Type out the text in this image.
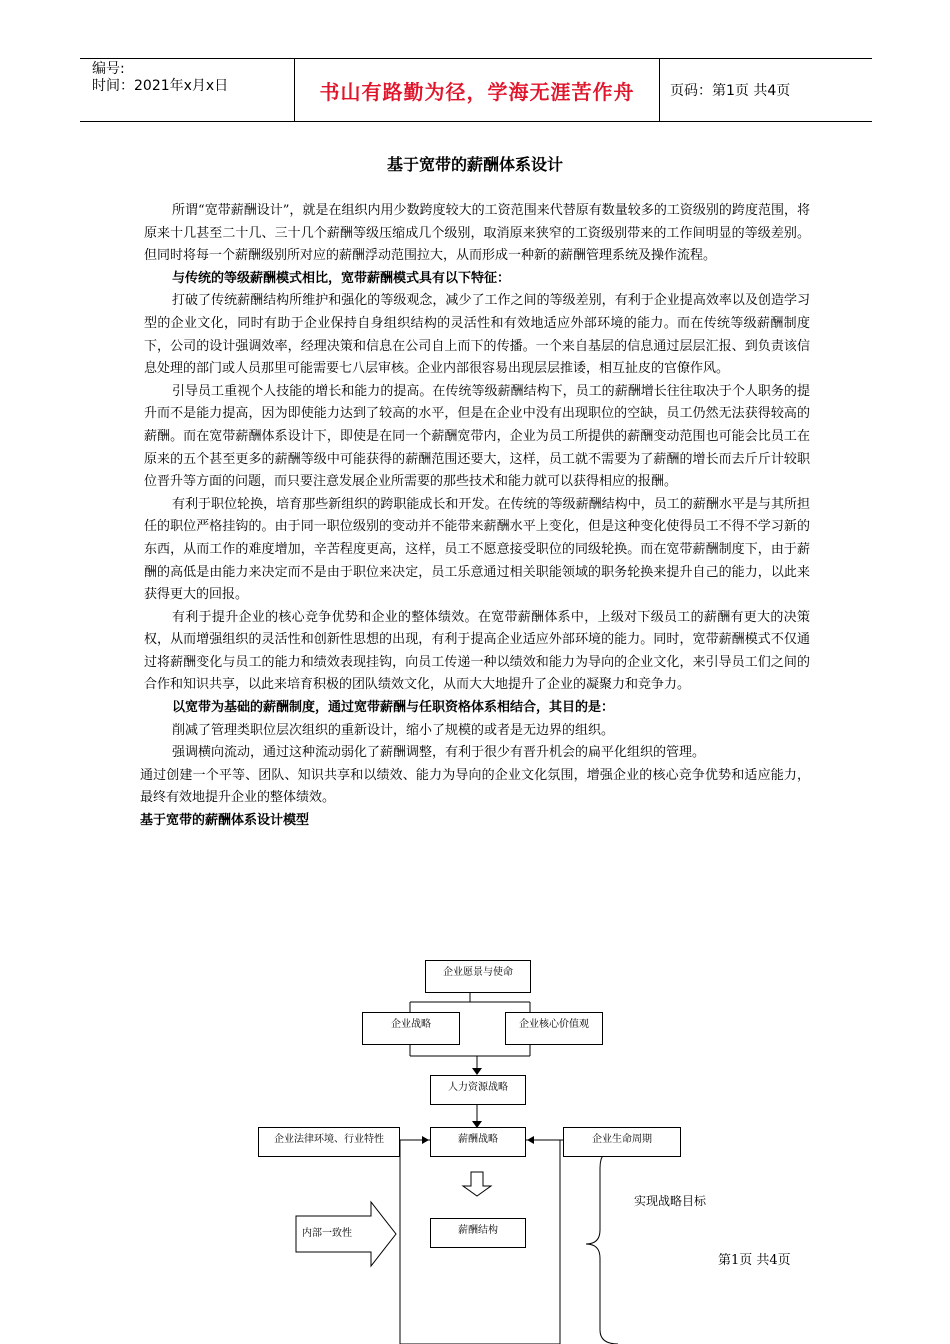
编号:
时间：2021年x月x日	书山有路勤为径，学海无涯苦作舟	页码：第1页 共4页
基于宽带的薪酬体系设计

所谓“宽带薪酬设计”，就是在组织内用少数跨度较大的工资范围来代替原有数量较多的工资级别的跨度范围，将原来十几甚至二十几、三十几个薪酬等级压缩成几个级别，取消原来狭窄的工资级别带来的工作间明显的等级差别。但同时将每一个薪酬级别所对应的薪酬浮动范围拉大，从而形成一种新的薪酬管理系统及操作流程。

与传统的等级薪酬模式相比，宽带薪酬模式具有以下特征：

打破了传统薪酬结构所维护和强化的等级观念，减少了工作之间的等级差别，有利于企业提高效率以及创造学习型的企业文化，同时有助于企业保持自身组织结构的灵活性和有效地适应外部环境的能力。而在传统等级薪酬制度下，公司的设计强调效率，经理决策和信息在公司自上而下的传播。一个来自基层的信息通过层层汇报、到负责该信息处理的部门或人员那里可能需要七八层审核。企业内部很容易出现层层推诿，相互扯皮的官僚作风。

引导员工重视个人技能的增长和能力的提高。在传统等级薪酬结构下，员工的薪酬增长往往取决于个人职务的提升而不是能力提高，因为即使能力达到了较高的水平，但是在企业中没有出现职位的空缺，员工仍然无法获得较高的薪酬。而在宽带薪酬体系设计下，即使是在同一个薪酬宽带内，企业为员工所提供的薪酬变动范围也可能会比员工在原来的五个甚至更多的薪酬等级中可能获得的薪酬范围还要大，这样，员工就不需要为了薪酬的增长而去斤斤计较职位晋升等方面的问题，而只要注意发展企业所需要的那些技术和能力就可以获得相应的报酬。

有利于职位轮换，培育那些新组织的跨职能成长和开发。在传统的等级薪酬结构中，员工的薪酬水平是与其所担任的职位严格挂钩的。由于同一职位级别的变动并不能带来薪酬水平上变化，但是这种变化使得员工不得不学习新的东西，从而工作的难度增加，辛苦程度更高，这样，员工不愿意接受职位的同级轮换。而在宽带薪酬制度下，由于薪酬的高低是由能力来决定而不是由于职位来决定，员工乐意通过相关职能领域的职务轮换来提升自己的能力，以此来获得更大的回报。

有利于提升企业的核心竞争优势和企业的整体绩效。在宽带薪酬体系中，上级对下级员工的薪酬有更大的决策权，从而增强组织的灵活性和创新性思想的出现，有利于提高企业适应外部环境的能力。同时，宽带薪酬模式不仅通过将薪酬变化与员工的能力和绩效表现挂钩，向员工传递一种以绩效和能力为导向的企业文化，来引导员工们之间的合作和知识共享，以此来培育积极的团队绩效文化，从而大大地提升了企业的凝聚力和竞争力。

以宽带为基础的薪酬制度，通过宽带薪酬与任职资格体系相结合，其目的是：

削减了管理类职位层次组织的重新设计，缩小了规模的或者是无边界的组织。

强调横向流动，通过这种流动弱化了薪酬调整，有利于很少有晋升机会的扁平化组织的管理。

通过创建一个平等、团队、知识共享和以绩效、能力为导向的企业文化氛围，增强企业的核心竞争优势和适应能力，最终有效地提升企业的整体绩效。

基于宽带的薪酬体系设计模型

企业愿景与使命
企业战略	企业核心价值观
人力资源战略
企业法律环境、行业特性	薪酬战略	企业生命周期
薪酬结构
内部一致性
实现战略目标
第1页 共4页
